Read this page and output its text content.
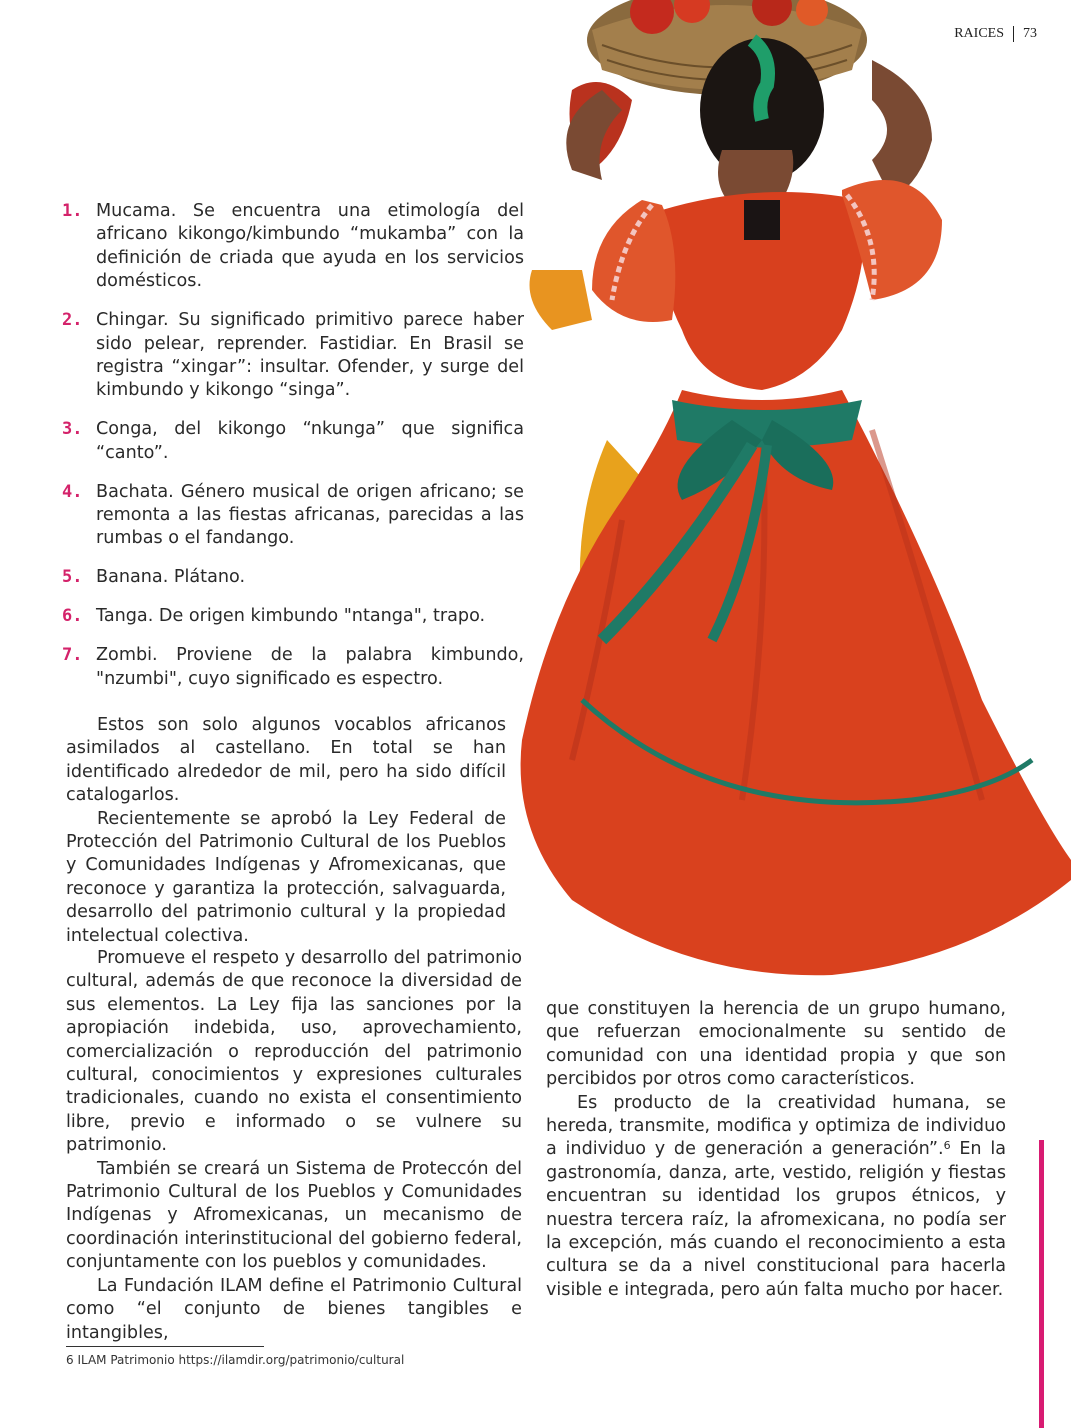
RAICES 73
1. Mucama. Se encuentra una etimología del africano kikongo/kimbundo “mukamba” con la definición de criada que ayuda en los servicios domésticos.
2. Chingar. Su significado primitivo parece haber sido pelear, reprender. Fastidiar. En Brasil se registra “xingar”: insultar. Ofender, y surge del kimbundo y kikongo “singa”.
3. Conga, del kikongo “nkunga” que significa “canto”.
4. Bachata. Género musical de origen africano; se remonta a las fiestas africanas, parecidas a las rumbas o el fandango.
5. Banana. Plátano.
6. Tanga. De origen kimbundo "ntanga", trapo.
7. Zombi. Proviene de la palabra kimbundo, "nzumbi", cuyo significado es espectro.

Estos son solo algunos vocablos africanos asimilados al castellano. En total se han identificado alrededor de mil, pero ha sido difícil catalogarlos.

Recientemente se aprobó la Ley Federal de Protección del Patrimonio Cultural de los Pueblos y Comunidades Indígenas y Afromexicanas, que reconoce y garantiza la protección, salvaguarda, desarrollo del patrimonio cultural y la propiedad intelectual colectiva.

Promueve el respeto y desarrollo del patrimonio cultural, además de que reconoce la diversidad de sus elementos. La Ley fija las sanciones por la apropiación indebida, uso, aprovechamiento, comercialización o reproducción del patrimonio cultural, conocimientos y expresiones culturales tradicionales, cuando no exista el consentimiento libre, previo e informado o se vulnere su patrimonio.

También se creará un Sistema de Proteccón del Patrimonio Cultural de los Pueblos y Comunidades Indígenas y Afromexicanas, un mecanismo de coordinación interinstitucional del gobierno federal, conjuntamente con los pueblos y comunidades.

La Fundación ILAM define el Patrimonio Cultural como “el conjunto de bienes tangibles e intangibles,

que constituyen la herencia de un grupo humano, que refuerzan emocionalmente su sentido de comunidad con una identidad propia y que son percibidos por otros como característicos.

Es producto de la creatividad humana, se hereda, transmite, modifica y optimiza de individuo a individuo y de generación a generación”.$^6$ En la gastronomía, danza, arte, vestido, religión y fiestas encuentran su identidad los grupos étnicos, y nuestra tercera raíz, la afromexicana, no podía ser la excepción, más cuando el reconocimiento a esta cultura se da a nivel constitucional para hacerla visible e integrada, pero aún falta mucho por hacer.

6 ILAM Patrimonio https://ilamdir.org/patrimonio/cultural
